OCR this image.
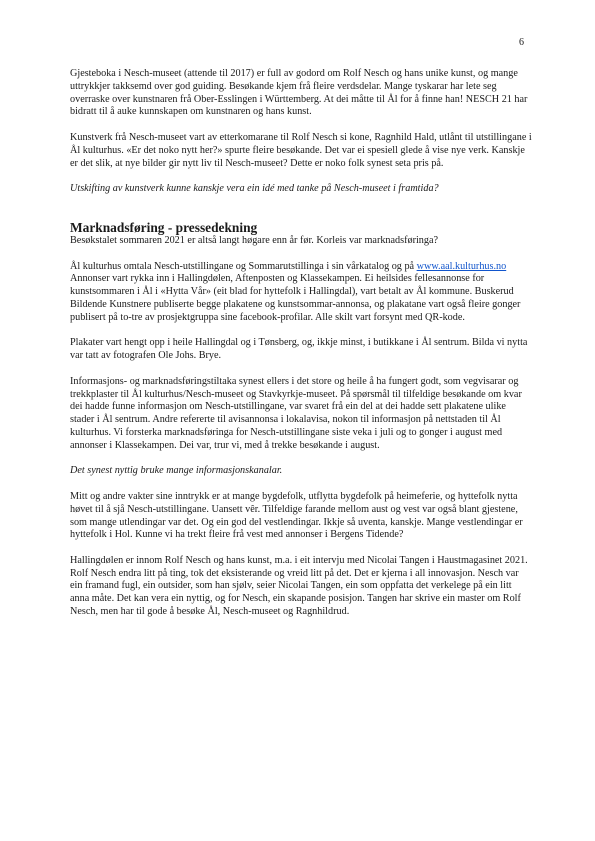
6

Gjesteboka i Nesch-museet (attende til 2017) er full av godord om Rolf Nesch og hans unike kunst, og mange uttrykkjer takksemd over god guiding. Besøkande kjem frå fleire verdsdelar. Mange tyskarar har lete seg overraske over kunstnaren frå Ober-Esslingen i Württemberg. At dei måtte til Ål for å finne han! NESCH 21 har bidratt til å auke kunnskapen om kunstnaren og hans kunst.

Kunstverk frå Nesch-museet vart av etterkomarane til Rolf Nesch si kone, Ragnhild Hald, utlånt til utstillingane i Ål kulturhus. «Er det noko nytt her?» spurte fleire besøkande. Det var ei spesiell glede å vise nye verk. Kanskje er det slik, at nye bilder gir nytt liv til Nesch-museet? Dette er noko folk synest seta pris på.

Utskifting av kunstverk kunne kanskje vera ein idé med tanke på Nesch-museet i framtida?

Marknadsføring - pressedekning

Besøkstalet sommaren 2021 er altså langt høgare enn år før. Korleis var marknadsføringa?

Ål kulturhus omtala Nesch-utstillingane og Sommarutstillinga i sin vårkatalog og på www.aal.kulturhus.no Annonser vart rykka inn i Hallingdølen, Aftenposten og Klassekampen. Ei heilsides fellesannonse for kunstsommaren i Ål i «Hytta Vår» (eit blad for hyttefolk i Hallingdal), vart betalt av Ål kommune. Buskerud Bildende Kunstnere publiserte begge plakatene og kunstsommar-annonsa, og plakatane vart også fleire gonger publisert på to-tre av prosjektgruppa sine facebook-profilar. Alle skilt vart forsynt med QR-kode.

Plakater vart hengt opp i heile Hallingdal og i Tønsberg, og, ikkje minst, i butikkane i Ål sentrum. Bilda vi nytta var tatt av fotografen Ole Johs. Brye.

Informasjons- og marknadsføringstiltaka synest ellers i det store og heile å ha fungert godt, som vegvisarar og trekkplaster til Ål kulturhus/Nesch-museet og Stavkyrkje-museet. På spørsmål til tilfeldige besøkande om kvar dei hadde funne informasjon om Nesch-utstillingane, var svaret frå ein del at dei hadde sett plakatene ulike stader i Ål sentrum. Andre refererte til avisannonsa i lokalavisa, nokon til informasjon på nettstaden til Ål kulturhus. Vi forsterka marknadsføringa for Nesch-utstillingane siste veka i juli og to gonger i august med annonser i Klassekampen. Dei var, trur vi, med å trekke besøkande i august.

Det synest nyttig bruke mange informasjonskanalar.

Mitt og andre vakter sine inntrykk er at mange bygdefolk, utflytta bygdefolk på heimeferie, og hyttefolk nytta høvet til å sjå Nesch-utstillingane. Uansett vêr. Tilfeldige farande mellom aust og vest var også blant gjestene, som mange utlendingar var det. Og ein god del vestlendingar. Ikkje så uventa, kanskje. Mange vestlendingar er hyttefolk i Hol. Kunne vi ha trekt fleire frå vest med annonser i Bergens Tidende?

Hallingdølen er innom Rolf Nesch og hans kunst, m.a. i eit intervju med Nicolai Tangen i Haustmagasinet 2021. Rolf Nesch endra litt på ting, tok det eksisterande og vreid litt på det. Det er kjerna i all innovasjon. Nesch var ein framand fugl, ein outsider, som han sjølv, seier Nicolai Tangen, ein som oppfatta det verkelege på ein litt anna måte. Det kan vera ein nyttig, og for Nesch, ein skapande posisjon. Tangen har skrive ein master om Rolf Nesch, men har til gode å besøke Ål, Nesch-museet og Ragnhildrud.
